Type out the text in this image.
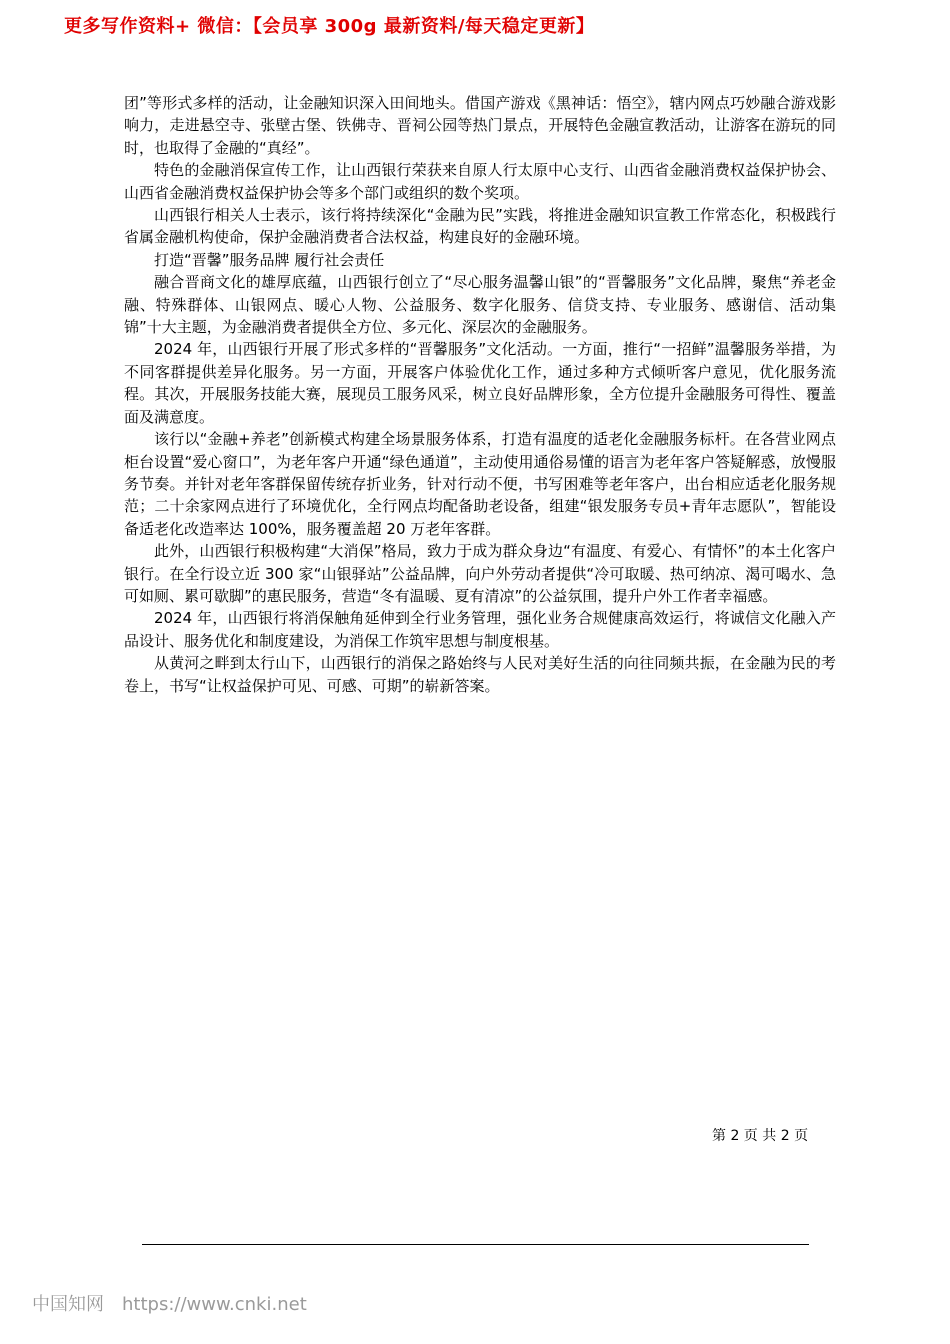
更多写作资料+ 微信：【会员享 300g 最新资料/每天稳定更新】

团”等形式多样的活动，让金融知识深入田间地头。借国产游戏《黑神话：悟空》，辖内网点巧妙融合游戏影响力，走进悬空寺、张壁古堡、铁佛寺、晋祠公园等热门景点，开展特色金融宣教活动，让游客在游玩的同时，也取得了金融的“真经”。

特色的金融消保宣传工作，让山西银行荣获来自原人行太原中心支行、山西省金融消费权益保护协会、山西省金融消费权益保护协会等多个部门或组织的数个奖项。

山西银行相关人士表示，该行将持续深化“金融为民”实践，将推进金融知识宣教工作常态化，积极践行省属金融机构使命，保护金融消费者合法权益，构建良好的金融环境。

打造“晋馨”服务品牌 履行社会责任

融合晋商文化的雄厚底蕴，山西银行创立了“尽心服务温馨山银”的“晋馨服务”文化品牌，聚焦“养老金融、特殊群体、山银网点、暖心人物、公益服务、数字化服务、信贷支持、专业服务、感谢信、活动集锦”十大主题，为金融消费者提供全方位、多元化、深层次的金融服务。

2024 年，山西银行开展了形式多样的“晋馨服务”文化活动。一方面，推行“一招鲜”温馨服务举措，为不同客群提供差异化服务。另一方面，开展客户体验优化工作，通过多种方式倾听客户意见，优化服务流程。其次，开展服务技能大赛，展现员工服务风采，树立良好品牌形象，全方位提升金融服务可得性、覆盖面及满意度。

该行以“金融+养老”创新模式构建全场景服务体系，打造有温度的适老化金融服务标杆。在各营业网点柜台设置“爱心窗口”，为老年客户开通“绿色通道”，主动使用通俗易懂的语言为老年客户答疑解惑，放慢服务节奏。并针对老年客群保留传统存折业务，针对行动不便，书写困难等老年客户，出台相应适老化服务规范；二十余家网点进行了环境优化，全行网点均配备助老设备，组建“银发服务专员+青年志愿队”，智能设备适老化改造率达 100%，服务覆盖超 20 万老年客群。

此外，山西银行积极构建“大消保”格局，致力于成为群众身边“有温度、有爱心、有情怀”的本土化客户银行。在全行设立近 300 家“山银驿站”公益品牌，向户外劳动者提供“冷可取暖、热可纳凉、渴可喝水、急可如厕、累可歇脚”的惠民服务，营造“冬有温暖、夏有清凉”的公益氛围，提升户外工作者幸福感。

2024 年，山西银行将消保触角延伸到全行业务管理，强化业务合规健康高效运行，将诚信文化融入产品设计、服务优化和制度建设，为消保工作筑牢思想与制度根基。

从黄河之畔到太行山下，山西银行的消保之路始终与人民对美好生活的向往同频共振，在金融为民的考卷上，书写“让权益保护可见、可感、可期”的崭新答案。

第 2 页 共 2 页
中国知网 https://www.cnki.net
